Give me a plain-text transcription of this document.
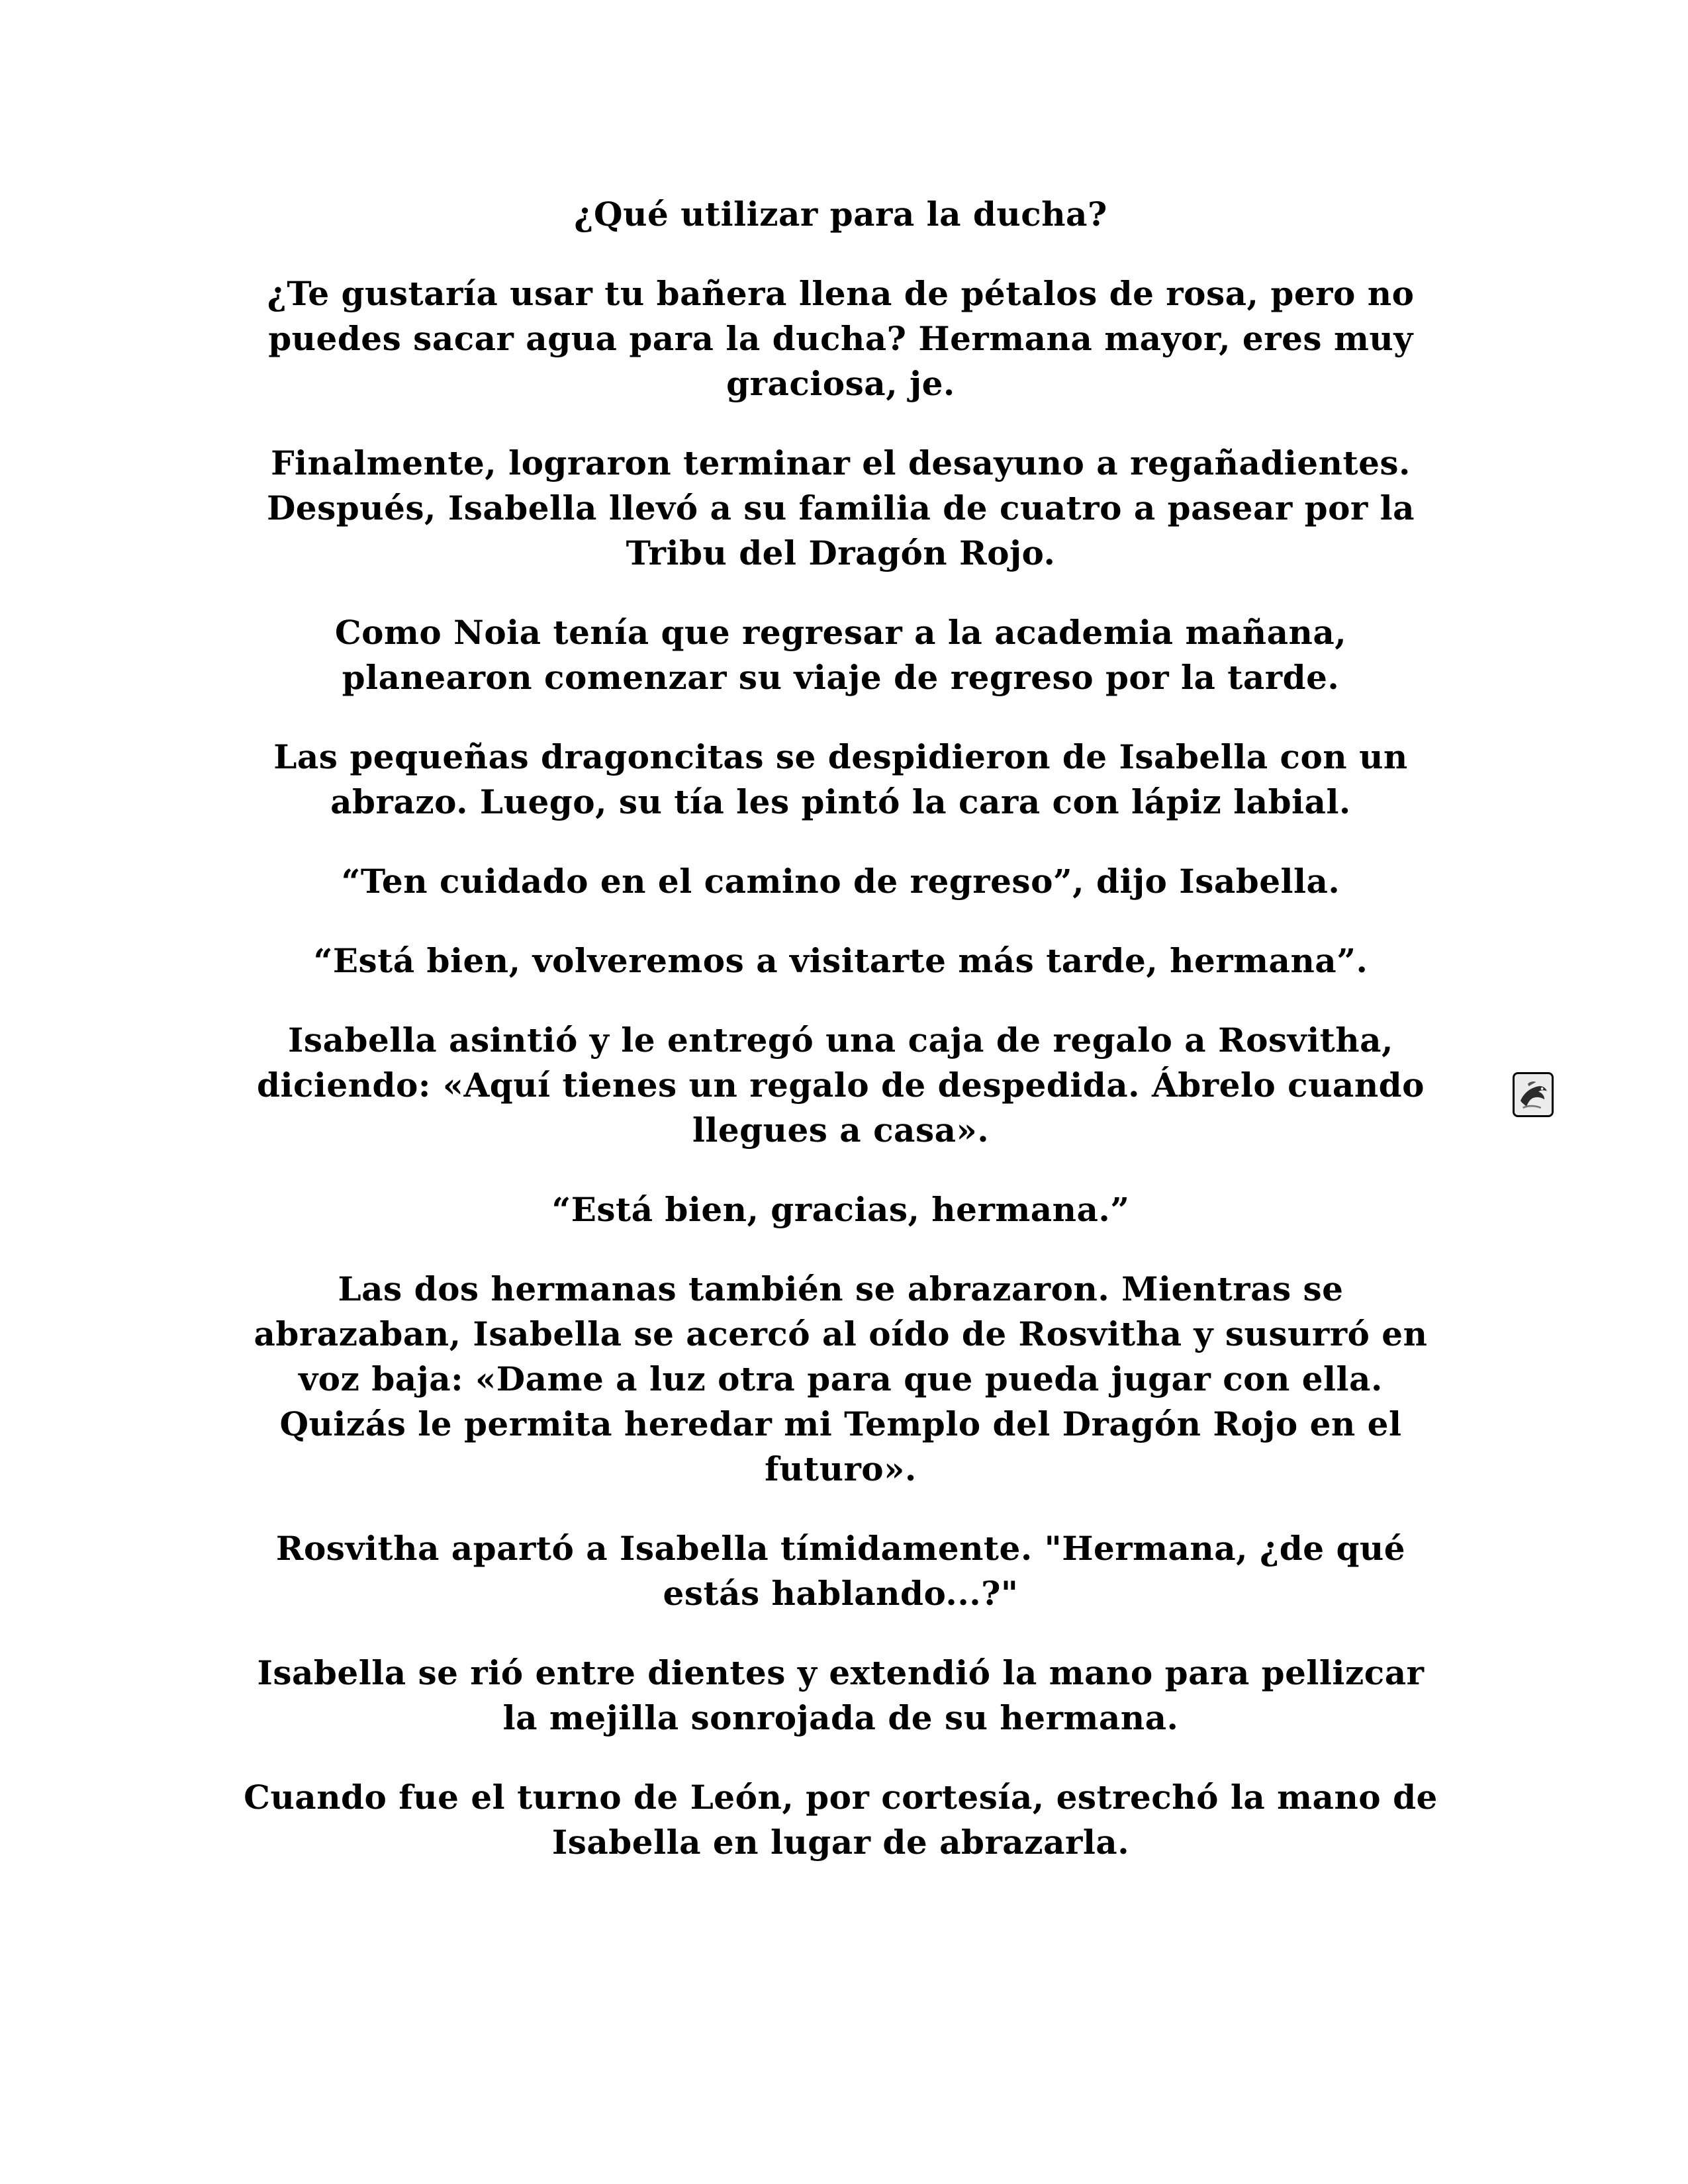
¿Qué utilizar para la ducha?

¿Te gustaría usar tu bañera llena de pétalos de rosa, pero no
puedes sacar agua para la ducha? Hermana mayor, eres muy
graciosa, je.

Finalmente, lograron terminar el desayuno a regañadientes.
Después, Isabella llevó a su familia de cuatro a pasear por la
Tribu del Dragón Rojo.

Como Noia tenía que regresar a la academia mañana,
planearon comenzar su viaje de regreso por la tarde.

Las pequeñas dragoncitas se despidieron de Isabella con un
abrazo. Luego, su tía les pintó la cara con lápiz labial.

“Ten cuidado en el camino de regreso”, dijo Isabella.

“Está bien, volveremos a visitarte más tarde, hermana”.

Isabella asintió y le entregó una caja de regalo a Rosvitha,
diciendo: «Aquí tienes un regalo de despedida. Ábrelo cuando
llegues a casa».

“Está bien, gracias, hermana.”

Las dos hermanas también se abrazaron. Mientras se
abrazaban, Isabella se acercó al oído de Rosvitha y susurró en
voz baja: «Dame a luz otra para que pueda jugar con ella.
Quizás le permita heredar mi Templo del Dragón Rojo en el
futuro».

Rosvitha apartó a Isabella tímidamente. "Hermana, ¿de qué
estás hablando...?"

Isabella se rió entre dientes y extendió la mano para pellizcar
la mejilla sonrojada de su hermana.

Cuando fue el turno de León, por cortesía, estrechó la mano de
Isabella en lugar de abrazarla.
